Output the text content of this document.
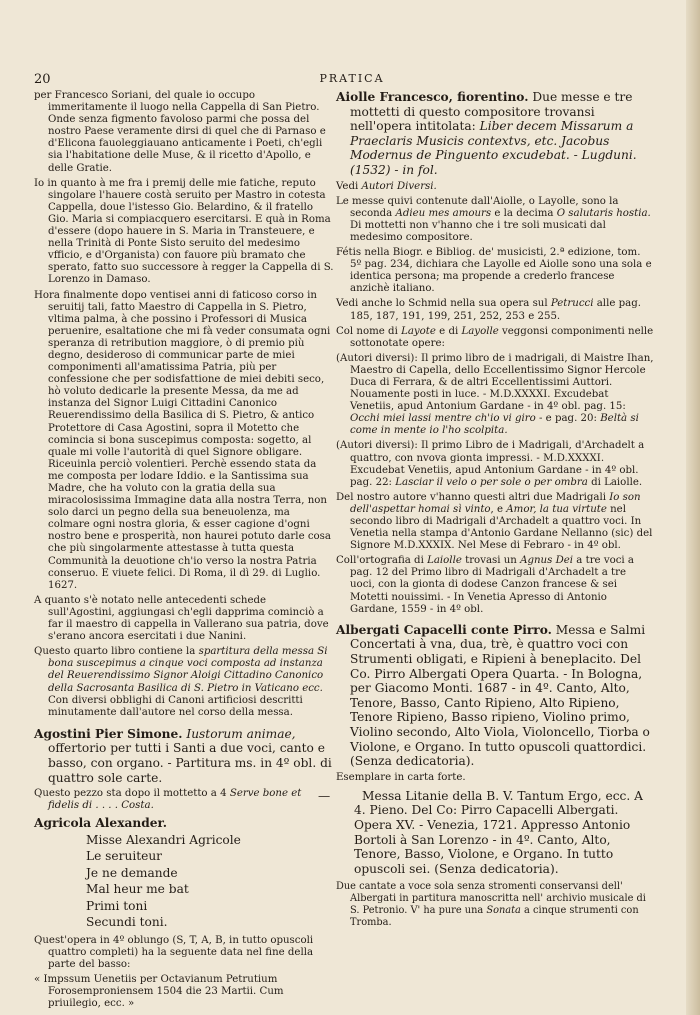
20	PRATICA

per Francesco Soriani, del quale io occupo immeritamente il luogo nella Cappella di San Pietro. Onde senza figmento favoloso parmi che possa del nostro Paese veramente dirsi di quel che di Parnaso e d'Elicona fauoleggiauano anticamente i Poeti, ch'egli sia l'habitatione delle Muse, & il ricetto d'Apollo, e delle Gratie.

Io in quanto à me fra i premij delle mie fatiche, reputo singolare l'hauere costà seruito per Mastro in cotesta Cappella, doue l'istesso Gio. Belardino, & il fratello Gio. Maria si compiacquero esercitarsi. E quà in Roma d'essere (dopo hauere in S. Maria in Transteuere, e nella Trinità di Ponte Sisto seruito del medesimo vfficio, e d'Organista) con fauore più bramato che sperato, fatto suo successore à regger la Cappella di S. Lorenzo in Damaso.

Hora finalmente dopo ventisei anni di faticoso corso in seruitij tali, fatto Maestro di Cappella in S. Pietro, vltima palma, à che possino i Professori di Musica peruenire, esaltatione che mi fà veder consumata ogni speranza di retribution maggiore, ò di premio più degno, desideroso di communicar parte de miei componimenti all'amatissima Patria, più per confessione che per sodisfattione de miei debiti seco, hò voluto dedicarle la presente Messa, da me ad instanza del Signor Luigi Cittadini Canonico Reuerendissimo della Basilica di S. Pietro, & antico Protettore di Casa Agostini, sopra il Motetto che comincia si bona suscepimus composta: sogetto, al quale mi volle l'autorità di quel Signore obligare. Riceuinla perciò volentieri. Perchè essendo stata da me composta per lodare Iddio. e la Santissima sua Madre, che ha voluto con la gratia della sua miracolosissima Immagine data alla nostra Terra, non solo darci un pegno della sua beneuolenza, ma colmare ogni nostra gloria, & esser cagione d'ogni nostro bene e prosperità, non haurei potuto darle cosa che più singolarmente attestasse à tutta questa Communità la deuotione ch'io verso la nostra Patria conseruo. E viuete felici. Di Roma, il dì 29. di Luglio. 1627.

A quanto s'è notato nelle antecedenti schede sull'Agostini, aggiungasi ch'egli dapprima cominciò a far il maestro di cappella in Vallerano sua patria, dove s'erano ancora esercitati i due Nanini.

Questo quarto libro contiene la spartitura della messa Si bona suscepimus a cinque voci composta ad instanza del Reuerendissimo Signor Aloigi Cittadino Canonico della Sacrosanta Basilica di S. Pietro in Vaticano ecc. Con diversi obblighi di Canoni artificiosi descritti minutamente dall'autore nel corso della messa.

Agostini Pier Simone. Iustorum animae, offertorio per tutti i Santi a due voci, canto e basso, con organo. - Partitura ms. in 4º obl. di quattro sole carte.

Questo pezzo sta dopo il mottetto a 4 Serve bone et fidelis di . . . . Costa.

Agricola Alexander.

Misse Alexandri Agricole
Le seruiteur
Je ne demande
Mal heur me bat
Primi toni
Secundi toni.

Quest'opera in 4º oblungo (S, T, A, B, in tutto opuscoli quattro completi) ha la seguente data nel fine della parte del basso:

« Impssum Uenetiis per Octavianum Petrutium Forosemproniensem 1504 die 23 Martii. Cum priuilegio, ecc. »

Aiolle Francesco, fiorentino. Due messe e tre mottetti di questo compositore trovansi nell'opera intitolata: Liber decem Missarum a Praeclaris Musicis contextvs, etc. Jacobus Modernus de Pinguento excudebat. - Lugduni. (1532) - in fol.

Vedi Autori Diversi.

Le messe quivi contenute dall'Aiolle, o Layolle, sono la seconda Adieu mes amours e la decima O salutaris hostia. Di mottetti non v'hanno che i tre soli musicati dal medesimo compositore.

Fétis nella Biogr. e Bibliog. de' musicisti, 2.ª edizione, tom. 5º pag. 234, dichiara che Layolle ed Aiolle sono una sola e identica persona; ma propende a crederlo francese anzichè italiano.

Vedi anche lo Schmid nella sua opera sul Petrucci alle pag. 185, 187, 191, 199, 251, 252, 253 e 255.

Col nome di Layote e di Layolle veggonsi componimenti nelle sottonotate opere:

(Autori diversi): Il primo libro de i madrigali, di Maistre Ihan, Maestro di Capella, dello Eccellentissimo Signor Hercole Duca di Ferrara, & de altri Eccellentissimi Auttori. Nouamente posti in luce. - M.D.XXXXI. Excudebat Venetiis, apud Antonium Gardane - in 4º obl. pag. 15: Occhi miei lassi mentre ch'io vi giro - e pag. 20: Beltà si come in mente io l'ho scolpita.

(Autori diversi): Il primo Libro de i Madrigali, d'Archadelt a quattro, con nvova gionta impressi. - M.D.XXXXI. Excudebat Venetiis, apud Antonium Gardane - in 4º obl. pag. 22: Lasciar il velo o per sole o per ombra di Laiolle.

Del nostro autore v'hanno questi altri due Madrigali Io son dell'aspettar homai sì vinto, e Amor, la tua virtute nel secondo libro di Madrigali d'Archadelt a quattro voci. In Venetia nella stampa d'Antonio Gardane Nellanno (sic) del Signore M.D.XXXIX. Nel Mese di Febraro - in 4º obl.

Coll'ortografia di Laiolle trovasi un Agnus Dei a tre voci a pag. 12 del Primo libro di Madrigali d'Archadelt a tre uoci, con la gionta di dodese Canzon francese & sei Motetti nouissimi. - In Venetia Apresso di Antonio Gardane, 1559 - in 4º obl.

Albergati Capacelli conte Pirro. Messa e Salmi Concertati à vna, dua, trè, è quattro voci con Strumenti obligati, e Ripieni à beneplacito. Del Co. Pirro Albergati Opera Quarta. - In Bologna, per Giacomo Monti. 1687 - in 4º. Canto, Alto, Tenore, Basso, Canto Ripieno, Alto Ripieno, Tenore Ripieno, Basso ripieno, Violino primo, Violino secondo, Alto Viola, Violoncello, Tiorba o Violone, e Organo. In tutto opuscoli quattordici. (Senza dedicatoria).

Esemplare in carta forte.

—	Messa Litanie della B. V. Tantum Ergo, ecc. A 4. Pieno. Del Co: Pirro Capacelli Albergati. Opera XV. - Venezia, 1721. Appresso Antonio Bortoli à San Lorenzo - in 4º. Canto, Alto, Tenore, Basso, Violone, e Organo. In tutto opuscoli sei. (Senza dedicatoria).

Due cantate a voce sola senza stromenti conservansi dell' Albergati in partitura manoscritta nell' archivio musicale di S. Petronio. V' ha pure una Sonata a cinque strumenti con Tromba.
